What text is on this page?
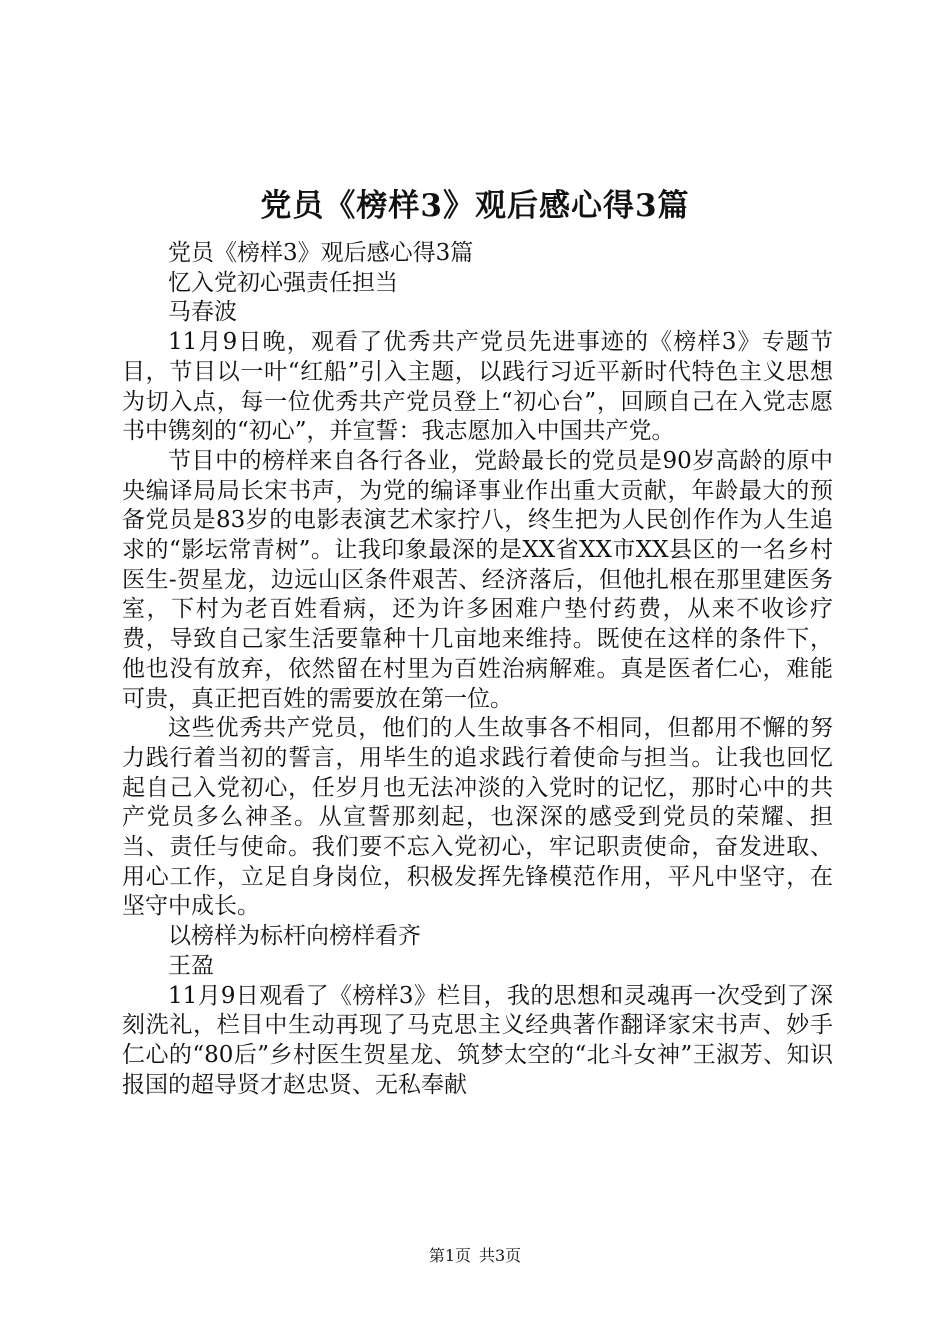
党员《榜样3》观后感心得3篇

党员《榜样3》观后感心得3篇

忆入党初心强责任担当

马春波

11月9日晚，观看了优秀共产党员先进事迹的《榜样3》专题节目，节目以一叶“红船”引入主题，以践行习近平新时代特色主义思想为切入点，每一位优秀共产党员登上“初心台”，回顾自己在入党志愿书中镌刻的“初心”，并宣誓：我志愿加入中国共产党。

节目中的榜样来自各行各业，党龄最长的党员是90岁高龄的原中央编译局局长宋书声，为党的编译事业作出重大贡献，年龄最大的预备党员是83岁的电影表演艺术家拧八，终生把为人民创作作为人生追求的“影坛常青树”。让我印象最深的是XX省XX市XX县区的一名乡村医生-贺星龙，边远山区条件艰苦、经济落后，但他扎根在那里建医务室，下村为老百姓看病，还为许多困难户垫付药费，从来不收诊疗费，导致自己家生活要靠种十几亩地来维持。既使在这样的条件下，他也没有放弃，依然留在村里为百姓治病解难。真是医者仁心，难能可贵，真正把百姓的需要放在第一位。

这些优秀共产党员，他们的人生故事各不相同，但都用不懈的努力践行着当初的誓言，用毕生的追求践行着使命与担当。让我也回忆起自己入党初心，任岁月也无法冲淡的入党时的记忆，那时心中的共产党员多么神圣。从宣誓那刻起，也深深的感受到党员的荣耀、担当、责任与使命。我们要不忘入党初心，牢记职责使命，奋发进取、用心工作，立足自身岗位，积极发挥先锋模范作用，平凡中坚守，在坚守中成长。

以榜样为标杆向榜样看齐

王盈

11月9日观看了《榜样3》栏目，我的思想和灵魂再一次受到了深刻洗礼，栏目中生动再现了马克思主义经典著作翻译家宋书声、妙手仁心的“80后”乡村医生贺星龙、筑梦太空的“北斗女神”王淑芳、知识报国的超导贤才赵忠贤、无私奉献

第1页 共3页
